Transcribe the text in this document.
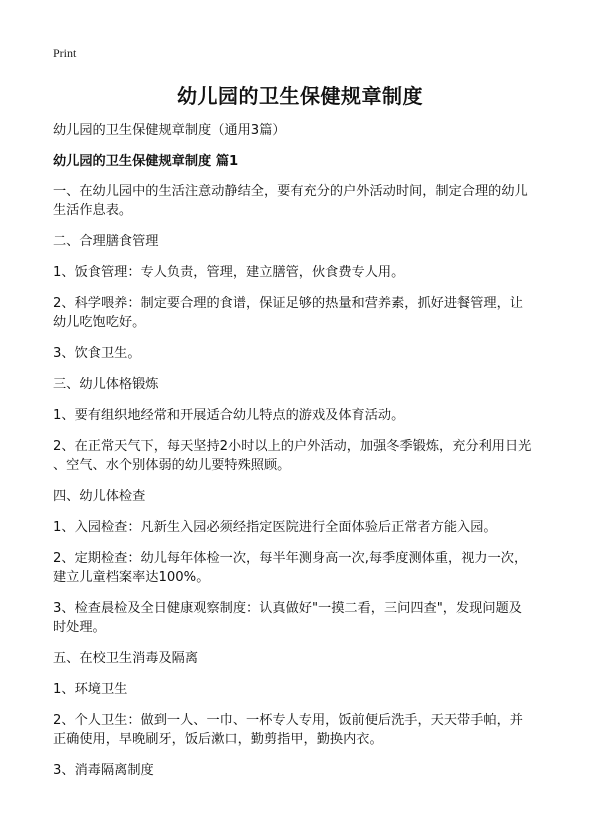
Print
幼儿园的卫生保健规章制度

幼儿园的卫生保健规章制度（通用3篇）

幼儿园的卫生保健规章制度 篇1

一、在幼儿园中的生活注意动静结全，要有充分的户外活动时间，制定合理的幼儿

生活作息表。

二、合理膳食管理

1、饭食管理：专人负责，管理，建立膳管，伙食费专人用。

2、科学喂养：制定要合理的食谱，保证足够的热量和营养素，抓好进餐管理，让

幼儿吃饱吃好。

3、饮食卫生。

三、幼儿体格锻炼

1、要有组织地经常和开展适合幼儿特点的游戏及体育活动。

2、在正常天气下，每天坚持2小时以上的户外活动，加强冬季锻炼，充分利用日光

、空气、水个别体弱的幼儿要特殊照顾。

四、幼儿体检查

1、入园检查：凡新生入园必须经指定医院进行全面体验后正常者方能入园。

2、定期检查：幼儿每年体检一次，每半年测身高一次,每季度测体重，视力一次，

建立儿童档案率达100%。

3、检查晨检及全日健康观察制度：认真做好"一摸二看，三问四查"，发现问题及

时处理。

五、在校卫生消毒及隔离

1、环境卫生

2、个人卫生：做到一人、一巾、一杯专人专用，饭前便后洗手，天天带手帕，并

正确使用，早晚刷牙，饭后漱口，勤剪指甲，勤换内衣。

3、消毒隔离制度
